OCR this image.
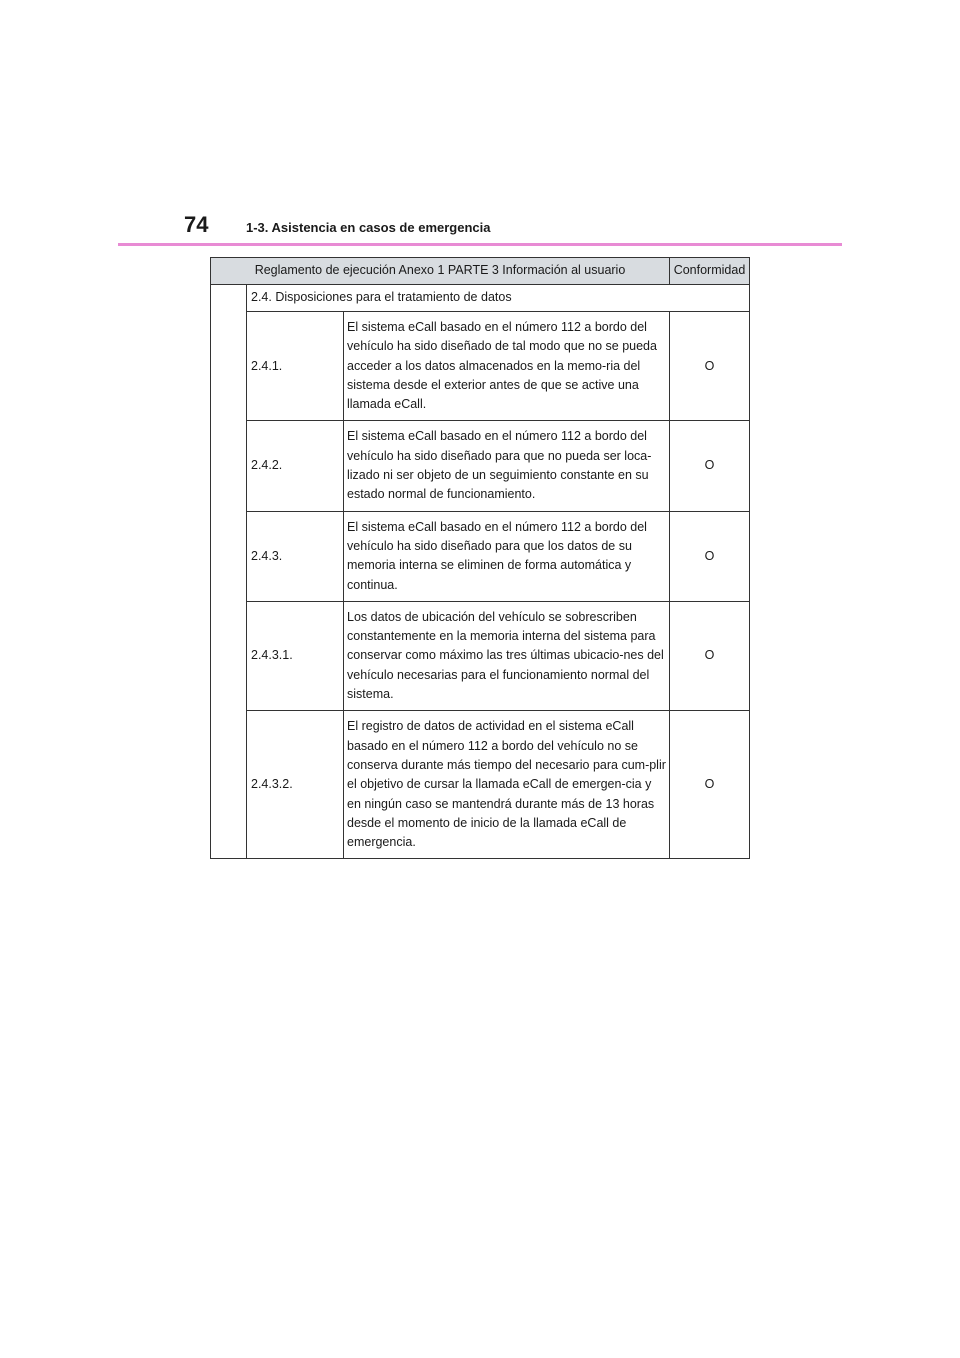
74	1-3. Asistencia en casos de emergencia
Reglamento de ejecución Anexo 1 PARTE 3 Información al usuario			Conformidad
	2.4. Disposiciones para el tratamiento de datos		
	2.4.1.	El sistema eCall basado en el número 112 a bordo del vehículo ha sido diseñado de tal modo que no se pueda acceder a los datos almacenados en la memo-ria del sistema desde el exterior antes de que se active una llamada eCall.	O
	2.4.2.	El sistema eCall basado en el número 112 a bordo del vehículo ha sido diseñado para que no pueda ser loca-lizado ni ser objeto de un seguimiento constante en su estado normal de funcionamiento.	O
	2.4.3.	El sistema eCall basado en el número 112 a bordo del vehículo ha sido diseñado para que los datos de su memoria interna se eliminen de forma automática y continua.	O
	2.4.3.1.	Los datos de ubicación del vehículo se sobrescriben constantemente en la memoria interna del sistema para conservar como máximo las tres últimas ubicacio-nes del vehículo necesarias para el funcionamiento normal del sistema.	O
	2.4.3.2.	El registro de datos de actividad en el sistema eCall basado en el número 112 a bordo del vehículo no se conserva durante más tiempo del necesario para cum-plir el objetivo de cursar la llamada eCall de emergen-cia y en ningún caso se mantendrá durante más de 13 horas desde el momento de inicio de la llamada eCall de emergencia.	O
